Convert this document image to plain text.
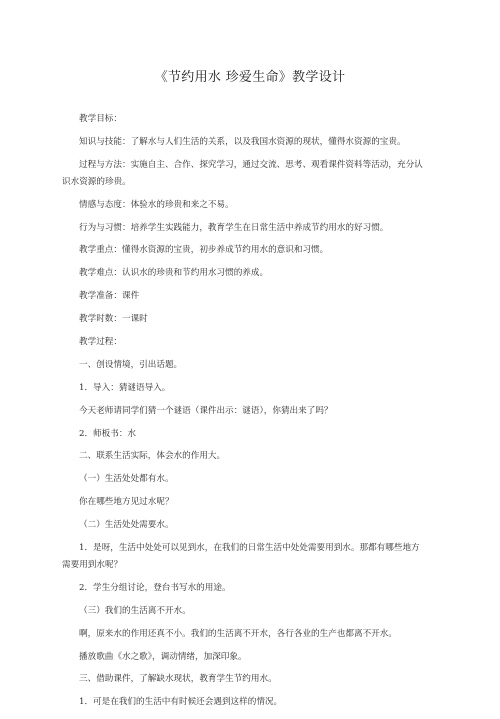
《节约用水 珍爱生命》教学设计
教学目标：
知识与技能：了解水与人们生活的关系，以及我国水资源的现状，懂得水资源的宝贵。
过程与方法：实施自主、合作、探究学习，通过交流、思考、观看课件资料等活动，充分认
识水资源的珍贵。
情感与态度：体验水的珍贵和来之不易。
行为与习惯：培养学生实践能力，教育学生在日常生活中养成节约用水的好习惯。
教学重点：懂得水资源的宝贵，初步养成节约用水的意识和习惯。
教学难点：认识水的珍贵和节约用水习惯的养成。
教学准备：课件
教学时数：一课时
教学过程：
一、创设情境，引出话题。
1．导入：猜谜语导入。
今天老师请同学们猜一个谜语（课件出示：谜语），你猜出来了吗？
2．师板书：水
二、联系生活实际，体会水的作用大。
（一）生活处处都有水。
你在哪些地方见过水呢？
（二）生活处处需要水。
1．是呀，生活中处处可以见到水，在我们的日常生活中处处需要用到水。那都有哪些地方
需要用到水呢？
2．学生分组讨论，登台书写水的用途。
（三）我们的生活离不开水。
啊，原来水的作用还真不小。我们的生活离不开水，各行各业的生产也都离不开水。
播放歌曲《水之歌》，调动情绪，加深印象。
三、借助课件，了解缺水现状，教育学生节约用水。
1．可是在我们的生活中有时候还会遇到这样的情况。
